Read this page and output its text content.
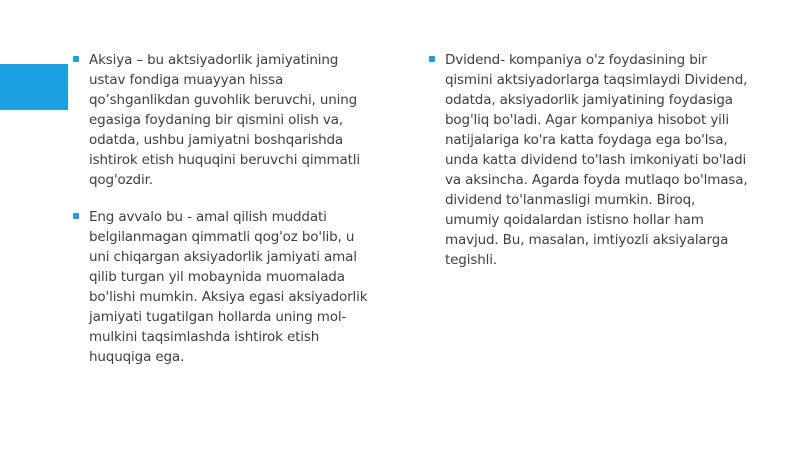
Aksiya – bu aktsiyadorlik jamiyatining ustav fondiga muayyan hissa qo’shganlikdan guvohlik beruvchi, uning egasiga foydaning bir qismini olish va, odatda, ushbu jamiyatni boshqarishda ishtirok etish huquqini beruvchi qimmatli qog'ozdir.
Eng avvalo bu - amal qilish muddati belgilanmagan qimmatli qog'oz bo'lib, u uni chiqargan aksiyadorlik jamiyati amal qilib turgan yil mobaynida muomalada bo'lishi mumkin. Aksiya egasi aksiyadorlik jamiyati tugatilgan hollarda uning mol-mulkini taqsimlashda ishtirok etish huquqiga ega.
Dvidend- kompaniya o'z foydasining bir qismini aktsiyadorlarga taqsimlaydi Dividend, odatda, aksiyadorlik jamiyatining foydasiga bog'liq bo'ladi. Agar kompaniya hisobot yili natijalariga ko'ra katta foydaga ega bo'lsa, unda katta dividend to'lash imkoniyati bo'ladi va aksincha. Agarda foyda mutlaqo bo'lmasa, dividend to'lanmasligi mumkin. Biroq, umumiy qoidalardan istisno hollar ham mavjud. Bu, masalan, imtiyozli aksiyalarga tegishli.
